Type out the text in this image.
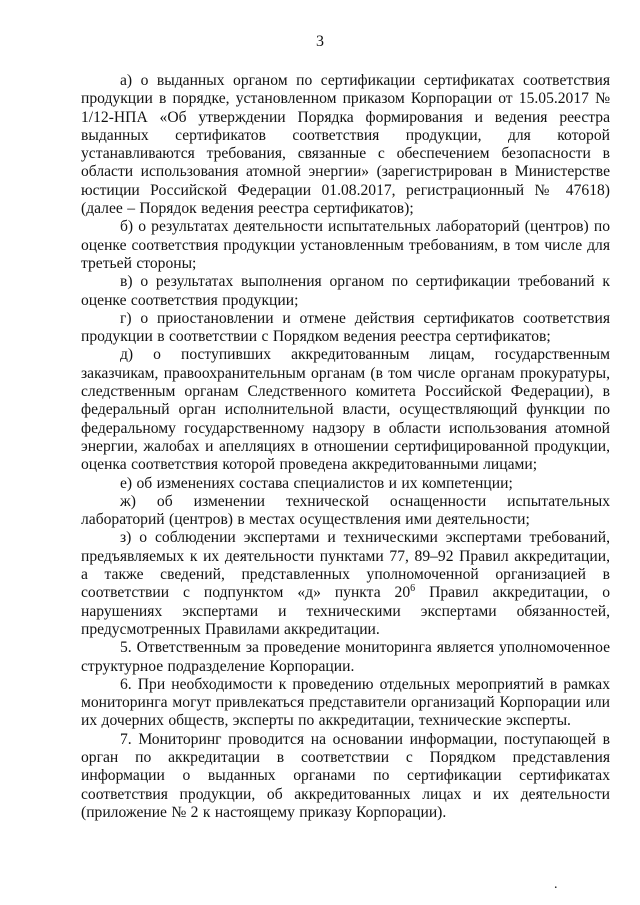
3

а) о выданных органом по сертификации сертификатах соответствия продукции в порядке, установленном приказом Корпорации от 15.05.2017 № 1/12-НПА «Об утверждении Порядка формирования и ведения реестра выданных сертификатов соответствия продукции, для которой устанавливаются требования, связанные с обеспечением безопасности в области использования атомной энергии» (зарегистрирован в Министерстве юстиции Российской Федерации 01.08.2017, регистрационный № 47618) (далее – Порядок ведения реестра сертификатов);

б) о результатах деятельности испытательных лабораторий (центров) по оценке соответствия продукции установленным требованиям, в том числе для третьей стороны;

в) о результатах выполнения органом по сертификации требований к оценке соответствия продукции;

г) о приостановлении и отмене действия сертификатов соответствия продукции в соответствии с Порядком ведения реестра сертификатов;

д) о поступивших аккредитованным лицам, государственным заказчикам, правоохранительным органам (в том числе органам прокуратуры, следственным органам Следственного комитета Российской Федерации), в федеральный орган исполнительной власти, осуществляющий функции по федеральному государственному надзору в области использования атомной энергии, жалобах и апелляциях в отношении сертифицированной продукции, оценка соответствия которой проведена аккредитованными лицами;

е) об изменениях состава специалистов и их компетенции;

ж) об изменении технической оснащенности испытательных лабораторий (центров) в местах осуществления ими деятельности;

з) о соблюдении экспертами и техническими экспертами требований, предъявляемых к их деятельности пунктами 77, 89–92 Правил аккредитации, а также сведений, представленных уполномоченной организацией в соответствии с подпунктом «д» пункта $20^6$ Правил аккредитации, о нарушениях экспертами и техническими экспертами обязанностей, предусмотренных Правилами аккредитации.

5. Ответственным за проведение мониторинга является уполномоченное структурное подразделение Корпорации.

6. При необходимости к проведению отдельных мероприятий в рамках мониторинга могут привлекаться представители организаций Корпорации или их дочерних обществ, эксперты по аккредитации, технические эксперты.

7. Мониторинг проводится на основании информации, поступающей в орган по аккредитации в соответствии с Порядком представления информации о выданных органами по сертификации сертификатах соответствия продукции, об аккредитованных лицах и их деятельности (приложение № 2 к настоящему приказу Корпорации).

.
